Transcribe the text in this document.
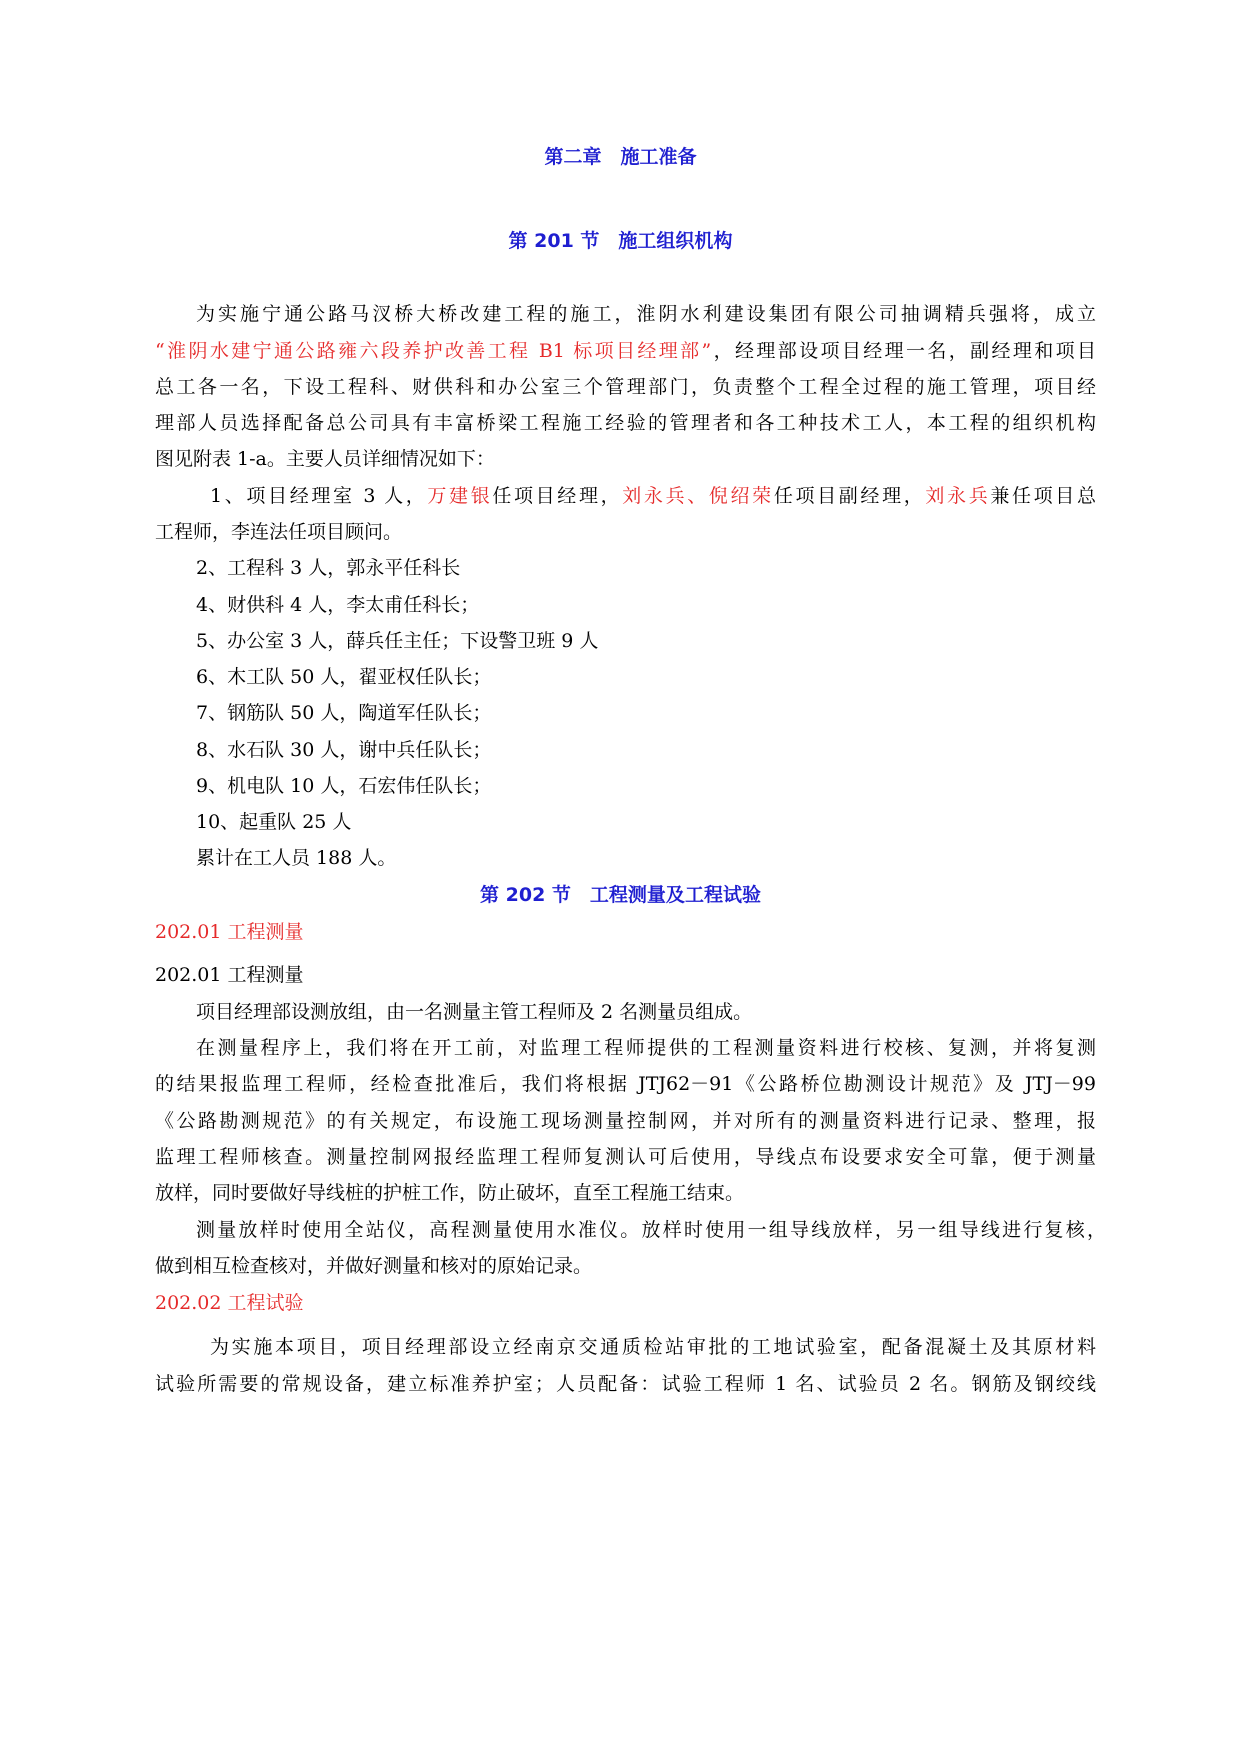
第二章　施工准备
第 201 节　施工组织机构
为实施宁通公路马汊桥大桥改建工程的施工，淮阴水利建设集团有限公司抽调精兵强将，成立
“淮阴水建宁通公路雍六段养护改善工程 B1 标项目经理部”，经理部设项目经理一名，副经理和项目
总工各一名，下设工程科、财供科和办公室三个管理部门，负责整个工程全过程的施工管理，项目经
理部人员选择配备总公司具有丰富桥梁工程施工经验的管理者和各工种技术工人，本工程的组织机构
图见附表 1-a。主要人员详细情况如下：
1、项目经理室 3 人，万建银任项目经理，刘永兵、倪绍荣任项目副经理，刘永兵兼任项目总
工程师，李连法任项目顾问。
2、工程科 3 人，郭永平任科长
4、财供科 4 人，李太甫任科长；
5、办公室 3 人，薛兵任主任；下设警卫班 9 人
6、木工队 50 人，翟亚权任队长；
7、钢筋队 50 人，陶道军任队长；
8、水石队 30 人，谢中兵任队长；
9、机电队 10 人，石宏伟任队长；
10、起重队 25 人
累计在工人员 188 人。
第 202 节　工程测量及工程试验
202.01 工程测量
202.01 工程测量
项目经理部设测放组，由一名测量主管工程师及 2 名测量员组成。
在测量程序上，我们将在开工前，对监理工程师提供的工程测量资料进行校核、复测，并将复测
的结果报监理工程师，经检查批准后，我们将根据 JTJ62－91《公路桥位勘测设计规范》及 JTJ－99
《公路勘测规范》的有关规定，布设施工现场测量控制网，并对所有的测量资料进行记录、整理，报
监理工程师核查。测量控制网报经监理工程师复测认可后使用，导线点布设要求安全可靠，便于测量
放样，同时要做好导线桩的护桩工作，防止破坏，直至工程施工结束。
测量放样时使用全站仪，高程测量使用水准仪。放样时使用一组导线放样，另一组导线进行复核，
做到相互检查核对，并做好测量和核对的原始记录。
202.02 工程试验
为实施本项目，项目经理部设立经南京交通质检站审批的工地试验室，配备混凝土及其原材料
试验所需要的常规设备，建立标准养护室；人员配备：试验工程师 1 名、试验员 2 名。钢筋及钢绞线
